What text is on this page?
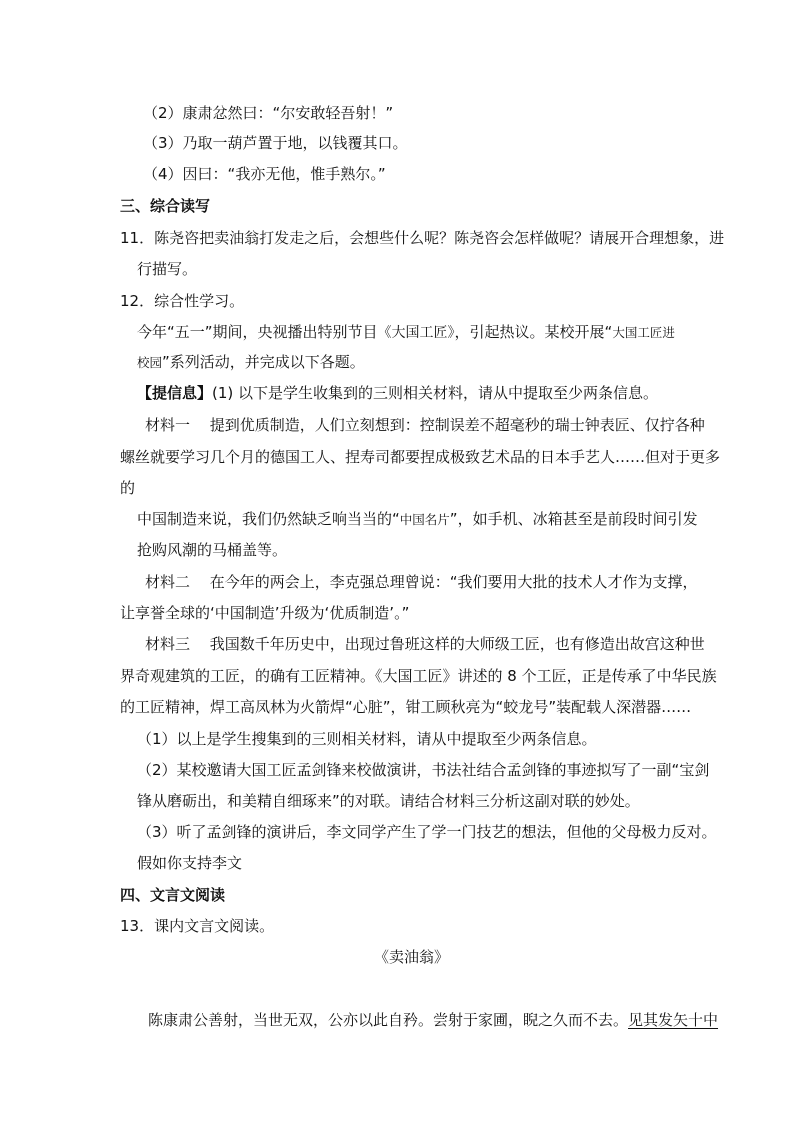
（2）康肃忿然曰：“尔安敢轻吾射！”

（3）乃取一葫芦置于地，以钱覆其口。

（4）因曰：“我亦无他，惟手熟尔。”

三、综合读写

11．陈尧咨把卖油翁打发走之后，会想些什么呢？陈尧咨会怎样做呢？请展开合理想象，进

行描写。

12．综合性学习。

今年“五一”期间，央视播出特别节目《大国工匠》，引起热议。某校开展“大国工匠进

校园”系列活动，并完成以下各题。

【提信息】(1) 以下是学生收集到的三则相关材料，请从中提取至少两条信息。

材料一　 提到优质制造，人们立刻想到：控制误差不超毫秒的瑞士钟表匠、仅拧各种

螺丝就要学习几个月的德国工人、捏寿司都要捏成极致艺术品的日本手艺人……但对于更多

的

中国制造来说，我们仍然缺乏响当当的“中国名片”，如手机、冰箱甚至是前段时间引发

抢购风潮的马桶盖等。

材料二　 在今年的两会上，李克强总理曾说：“我们要用大批的技术人才作为支撑，

让享誉全球的‘中国制造’升级为‘优质制造’。”

材料三　 我国数千年历史中，出现过鲁班这样的大师级工匠，也有修造出故宫这种世

界奇观建筑的工匠，的确有工匠精神。《大国工匠》讲述的 8 个工匠，正是传承了中华民族

的工匠精神，焊工高凤林为火箭焊“心脏”，钳工顾秋亮为“蛟龙号”装配载人深潜器……

（1）以上是学生搜集到的三则相关材料，请从中提取至少两条信息。

（2）某校邀请大国工匠孟剑锋来校做演讲，书法社结合孟剑锋的事迹拟写了一副“宝剑

锋从磨砺出，和美精自细琢来”的对联。请结合材料三分析这副对联的妙处。

（3）听了孟剑锋的演讲后，李文同学产生了学一门技艺的想法，但他的父母极力反对。

假如你支持李文

四、文言文阅读

13．课内文言文阅读。

《卖油翁》

陈康肃公善射，当世无双，公亦以此自矜。尝射于家圃，睨之久而不去。见其发矢十中
